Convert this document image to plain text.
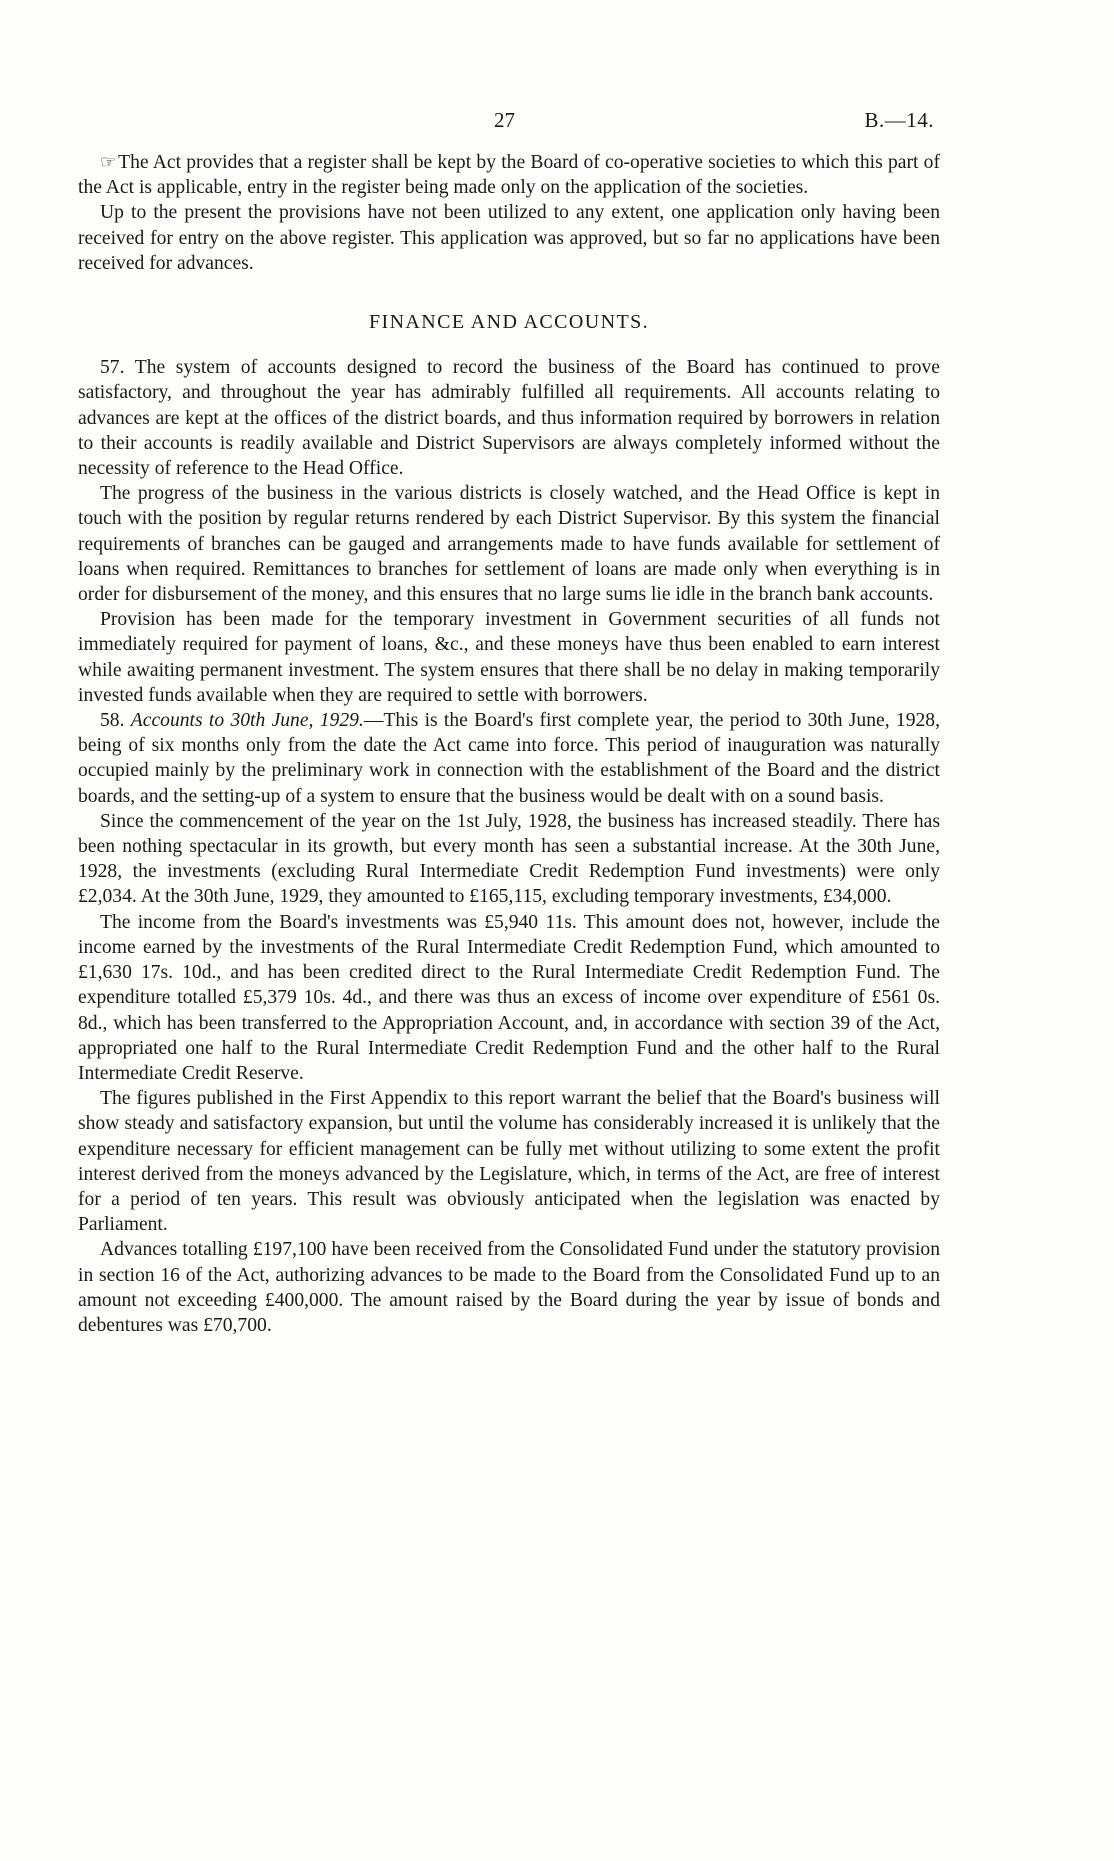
27	B.—14.

☞ The Act provides that a register shall be kept by the Board of co-operative societies to which this part of the Act is applicable, entry in the register being made only on the application of the societies.

Up to the present the provisions have not been utilized to any extent, one application only having been received for entry on the above register. This application was approved, but so far no applications have been received for advances.

FINANCE AND ACCOUNTS.

57. The system of accounts designed to record the business of the Board has continued to prove satisfactory, and throughout the year has admirably fulfilled all requirements. All accounts relating to advances are kept at the offices of the district boards, and thus information required by borrowers in relation to their accounts is readily available and District Supervisors are always completely informed without the necessity of reference to the Head Office.

The progress of the business in the various districts is closely watched, and the Head Office is kept in touch with the position by regular returns rendered by each District Supervisor. By this system the financial requirements of branches can be gauged and arrangements made to have funds available for settlement of loans when required. Remittances to branches for settlement of loans are made only when everything is in order for disbursement of the money, and this ensures that no large sums lie idle in the branch bank accounts.

Provision has been made for the temporary investment in Government securities of all funds not immediately required for payment of loans, &c., and these moneys have thus been enabled to earn interest while awaiting permanent investment. The system ensures that there shall be no delay in making temporarily invested funds available when they are required to settle with borrowers.

58. Accounts to 30th June, 1929.—This is the Board's first complete year, the period to 30th June, 1928, being of six months only from the date the Act came into force. This period of inauguration was naturally occupied mainly by the preliminary work in connection with the establishment of the Board and the district boards, and the setting-up of a system to ensure that the business would be dealt with on a sound basis.

Since the commencement of the year on the 1st July, 1928, the business has increased steadily. There has been nothing spectacular in its growth, but every month has seen a substantial increase. At the 30th June, 1928, the investments (excluding Rural Intermediate Credit Redemption Fund investments) were only £2,034. At the 30th June, 1929, they amounted to £165,115, excluding temporary investments, £34,000.

The income from the Board's investments was £5,940 11s. This amount does not, however, include the income earned by the investments of the Rural Intermediate Credit Redemption Fund, which amounted to £1,630 17s. 10d., and has been credited direct to the Rural Intermediate Credit Redemption Fund. The expenditure totalled £5,379 10s. 4d., and there was thus an excess of income over expenditure of £561 0s. 8d., which has been transferred to the Appropriation Account, and, in accordance with section 39 of the Act, appropriated one half to the Rural Intermediate Credit Redemption Fund and the other half to the Rural Intermediate Credit Reserve.

The figures published in the First Appendix to this report warrant the belief that the Board's business will show steady and satisfactory expansion, but until the volume has considerably increased it is unlikely that the expenditure necessary for efficient management can be fully met without utilizing to some extent the profit interest derived from the moneys advanced by the Legislature, which, in terms of the Act, are free of interest for a period of ten years. This result was obviously anticipated when the legislation was enacted by Parliament.

Advances totalling £197,100 have been received from the Consolidated Fund under the statutory provision in section 16 of the Act, authorizing advances to be made to the Board from the Consolidated Fund up to an amount not exceeding £400,000. The amount raised by the Board during the year by issue of bonds and debentures was £70,700.
